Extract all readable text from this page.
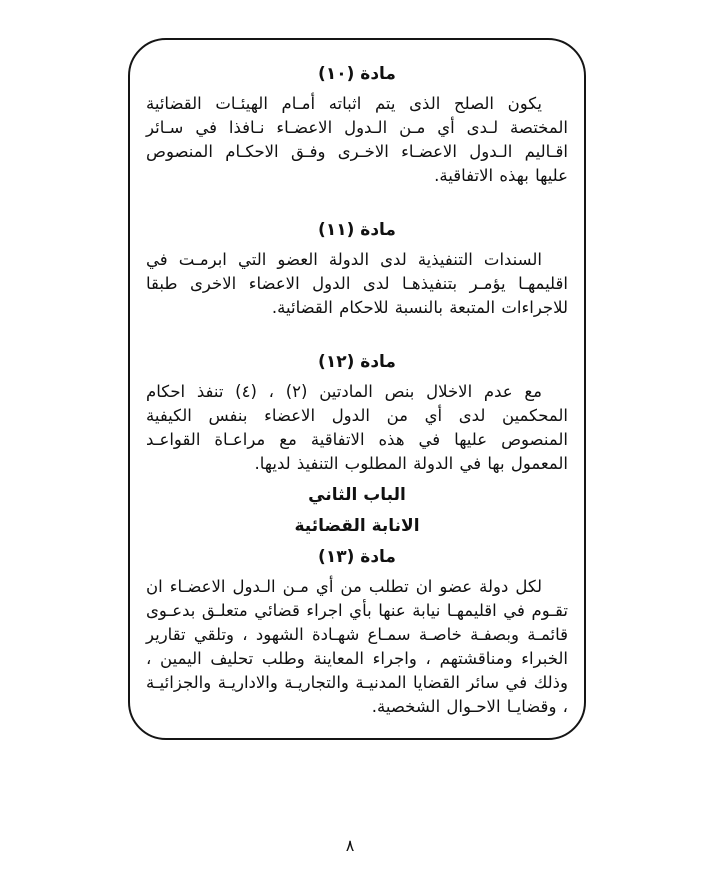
مادة (١٠)

يكون الصلح الذى يتم اثباته أمـام الهيئـات القضائية المختصة لـدى أي مـن الـدول الاعضـاء نـافذا في سـائر اقـاليم الـدول الاعضـاء الاخـرى وفـق الاحكـام المنصوص عليها بهذه الاتفاقية.

مادة (١١)

السندات التنفيذية لدى الدولة العضو التي ابرمـت في اقليمهـا يؤمـر بتنفيذهـا لدى الدول الاعضاء الاخرى طبقا للاجراءات المتبعة بالنسبة للاحكام القضائية.

مادة (١٢)

مع عدم الاخلال بنص المادتين (٢) ، (٤) تنفذ احكام المحكمين لدى أي من الدول الاعضاء بنفس الكيفية المنصوص عليها في هذه الاتفاقية مع مراعـاة القواعـد المعمول بها في الدولة المطلوب التنفيذ لديها.

الباب الثاني
الانابة القضائية
مادة (١٣)

لكل دولة عضو ان تطلب من أي مـن الـدول الاعضـاء ان تقـوم في اقليمهـا نيابة عنها بأي اجراء قضائي متعلـق بدعـوى قائمـة وبصفـة خاصـة سمـاع شهـادة الشهود ، وتلقي تقارير الخبراء ومناقشتهم ، واجراء المعاينة وطلب تحليف اليمين ، وذلك في سائر القضايا المدنيـة والتجاريـة والاداريـة والجزائيـة ، وقضايـا الاحـوال الشخصية.

٨
